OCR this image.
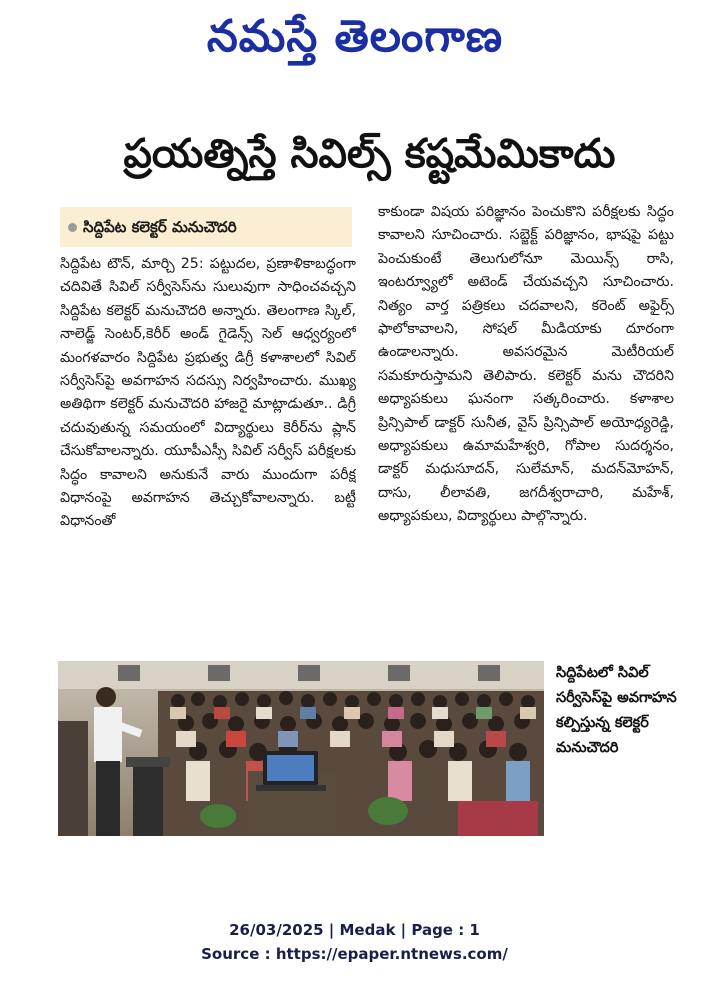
నమస్తే తెలంగాణ
ప్రయత్నిస్తే సివిల్స్ కష్టమేమికాదు
సిద్దిపేట కలెక్టర్ మనుచౌదరి
సిద్దిపేట టౌన్, మార్చి 25: పట్టుదల, ప్రణాళికాబద్ధంగా చదివితే సివిల్ సర్వీసెస్‌ను సులువుగా సాధించవచ్చని సిద్దిపేట కలెక్టర్ మనుచౌదరి అన్నారు. తెలంగాణ స్కిల్, నాలెడ్జ్ సెంటర్,కెరీర్ అండ్ గైడెన్స్ సెల్ ఆధ్వర్యంలో మంగళవారం సిద్దిపేట ప్రభుత్వ డిగ్రీ కళాశాలలో సివిల్ సర్వీసెస్‌పై అవగాహన సదస్సు నిర్వహించారు. ముఖ్య అతిథిగా కలెక్టర్ మనుచౌదరి హాజరై మాట్లాడుతూ.. డిగ్రీ చదువుతున్న సమయంలో విద్యార్థులు కెరీర్‌ను ప్లాన్ చేసుకోవాలన్నారు. యూపీఎస్సీ సివిల్ సర్వీస్ పరీక్షలకు సిద్ధం కావాలని అనుకునే వారు ముందుగా పరీక్ష విధానంపై అవగాహన తెచ్చుకోవాలన్నారు. బట్టీ విధానంతో
కాకుండా విషయ పరిజ్ఞానం పెంచుకొని పరీక్షలకు సిద్ధం కావాలని సూచించారు. సబ్జెక్ట్ పరిజ్ఞానం, భాషపై పట్టు పెంచుకుంటే తెలుగులోనూ మెయిన్స్ రాసి, ఇంటర్వ్యూలో అటెండ్ చేయవచ్చని సూచించారు. నిత్యం వార్త పత్రికలు చదవాలని, కరెంట్ అఫైర్స్ ఫాలోకావాలని, సోషల్ మీడియాకు దూరంగా ఉండాలన్నారు. అవసరమైన మెటీరియల్ సమకూరుస్తామని తెలిపారు. కలెక్టర్ మను చౌదరిని అధ్యాపకులు ఘనంగా సత్కరించారు. కళాశాల ప్రిన్సిపాల్ డాక్టర్ సునీత, వైస్ ప్రిన్సిపాల్ అయోధ్యరెడ్డి, అధ్యాపకులు ఉమామహేశ్వరి, గోపాల సుదర్శనం, డాక్టర్ మధుసూదన్, సులేమాన్, మదన్‌మోహన్, దాసు, లీలావతి, జగదీశ్వరాచారి, మహేశ్, అధ్యాపకులు, విద్యార్థులు పాల్గొన్నారు.
సిద్దిపేటలో సివిల్ సర్వీసెస్‌పై అవగాహన కల్పిస్తున్న కలెక్టర్ మనుచౌదరి
26/03/2025 | Medak | Page : 1
Source : https://epaper.ntnews.com/
